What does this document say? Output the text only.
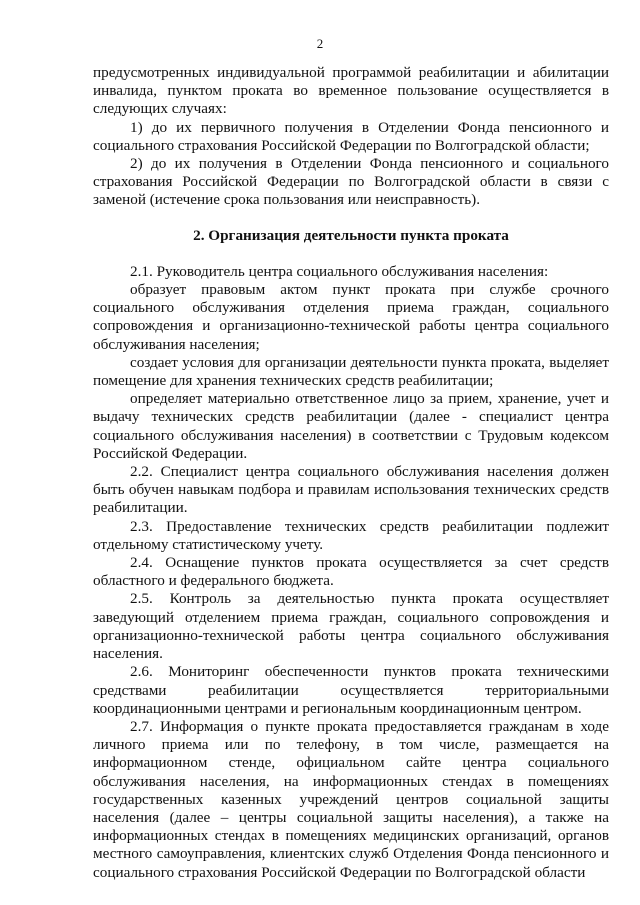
2

предусмотренных индивидуальной программой реабилитации и абилитации инвалида, пунктом проката во временное пользование осуществляется в следующих случаях:

1) до их первичного получения в Отделении Фонда пенсионного и социального страхования Российской Федерации по Волгоградской области;

2) до их получения в Отделении Фонда пенсионного и социального страхования Российской Федерации по Волгоградской области в связи с заменой (истечение срока пользования или неисправность).

2. Организация деятельности пункта проката

2.1. Руководитель центра социального обслуживания населения:

образует правовым актом пункт проката при службе срочного социального обслуживания отделения приема граждан, социального сопровождения и организационно-технической работы центра социального обслуживания населения;

создает условия для организации деятельности пункта проката, выделяет помещение для хранения технических средств реабилитации;

определяет материально ответственное лицо за прием, хранение, учет и выдачу технических средств реабилитации (далее - специалист центра социального обслуживания населения) в соответствии с Трудовым кодексом Российской Федерации.

2.2. Специалист центра социального обслуживания населения должен быть обучен навыкам подбора и правилам использования технических средств реабилитации.

2.3. Предоставление технических средств реабилитации подлежит отдельному статистическому учету.

2.4. Оснащение пунктов проката осуществляется за счет средств областного и федерального бюджета.

2.5. Контроль за деятельностью пункта проката осуществляет заведующий отделением приема граждан, социального сопровождения и организационно-технической работы центра социального обслуживания населения.

2.6. Мониторинг обеспеченности пунктов проката техническими средствами реабилитации осуществляется территориальными координационными центрами и региональным координационным центром.

2.7. Информация о пункте проката предоставляется гражданам в ходе личного приема или по телефону, в том числе, размещается на информационном стенде, официальном сайте центра социального обслуживания населения, на информационных стендах в помещениях государственных казенных учреждений центров социальной защиты населения (далее – центры социальной защиты населения), а также на информационных стендах в помещениях медицинских организаций, органов местного самоуправления, клиентских служб Отделения Фонда пенсионного и социального страхования Российской Федерации по Волгоградской области
